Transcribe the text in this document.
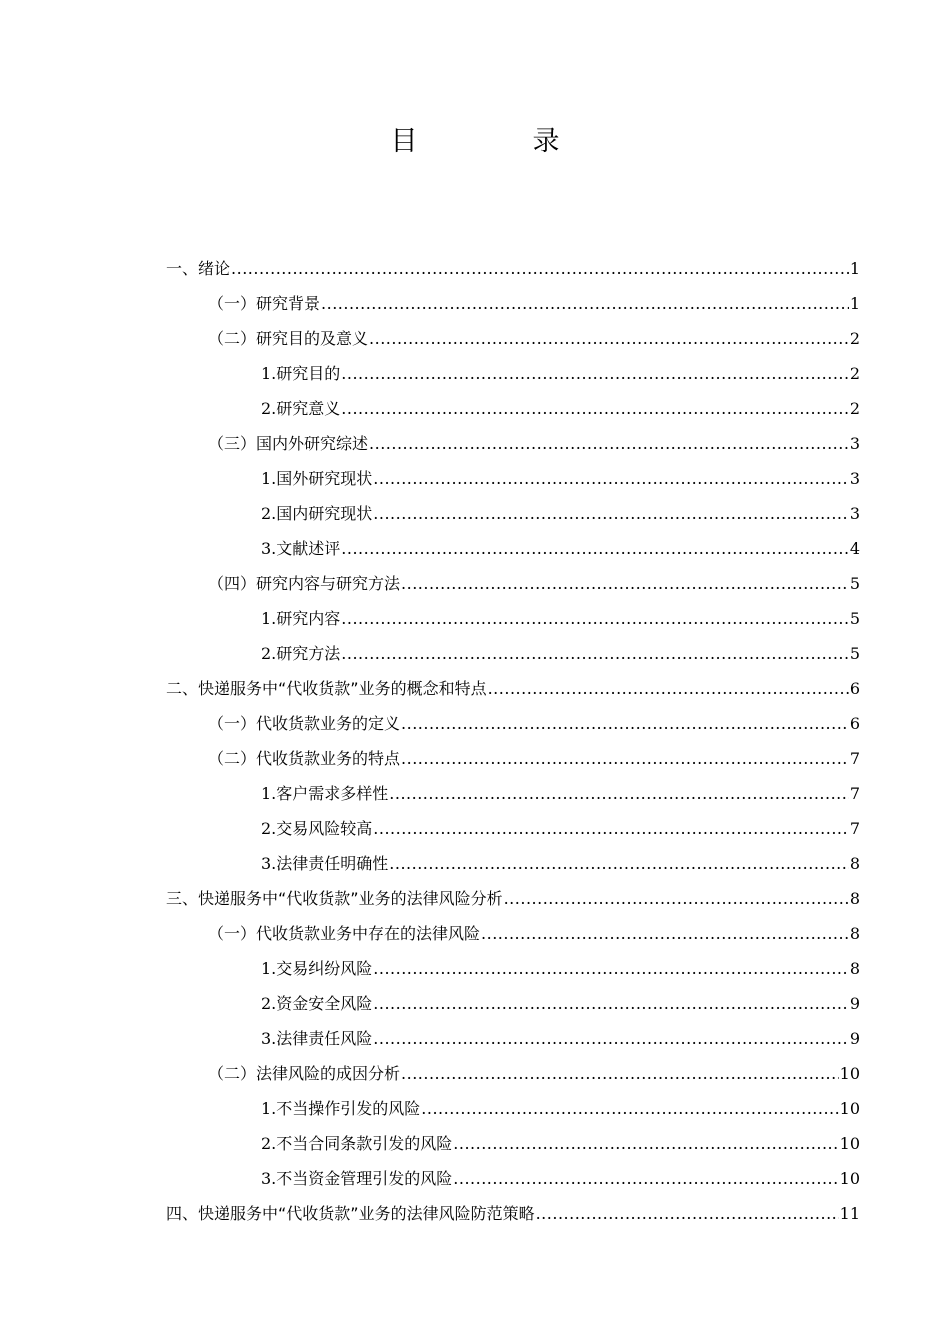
目　录
一、绪论 .....	1
（一）研究背景 .....	1
（二）研究目的及意义 .....	2
1.研究目的 .....	2
2.研究意义 .....	2
（三）国内外研究综述 .....	3
1.国外研究现状 .....	3
2.国内研究现状 .....	3
3.文献述评 .....	4
（四）研究内容与研究方法 .....	5
1.研究内容 .....	5
2.研究方法 .....	5
二、快递服务中“代收货款”业务的概念和特点 .....	6
（一）代收货款业务的定义 .....	6
（二）代收货款业务的特点 .....	7
1.客户需求多样性 .....	7
2.交易风险较高 .....	7
3.法律责任明确性 .....	8
三、快递服务中“代收货款”业务的法律风险分析 .....	8
（一）代收货款业务中存在的法律风险 .....	8
1.交易纠纷风险 .....	8
2.资金安全风险 .....	9
3.法律责任风险 .....	9
（二）法律风险的成因分析 .....	10
1.不当操作引发的风险 .....	10
2.不当合同条款引发的风险 .....	10
3.不当资金管理引发的风险 .....	10
四、快递服务中“代收货款”业务的法律风险防范策略 .....	11
